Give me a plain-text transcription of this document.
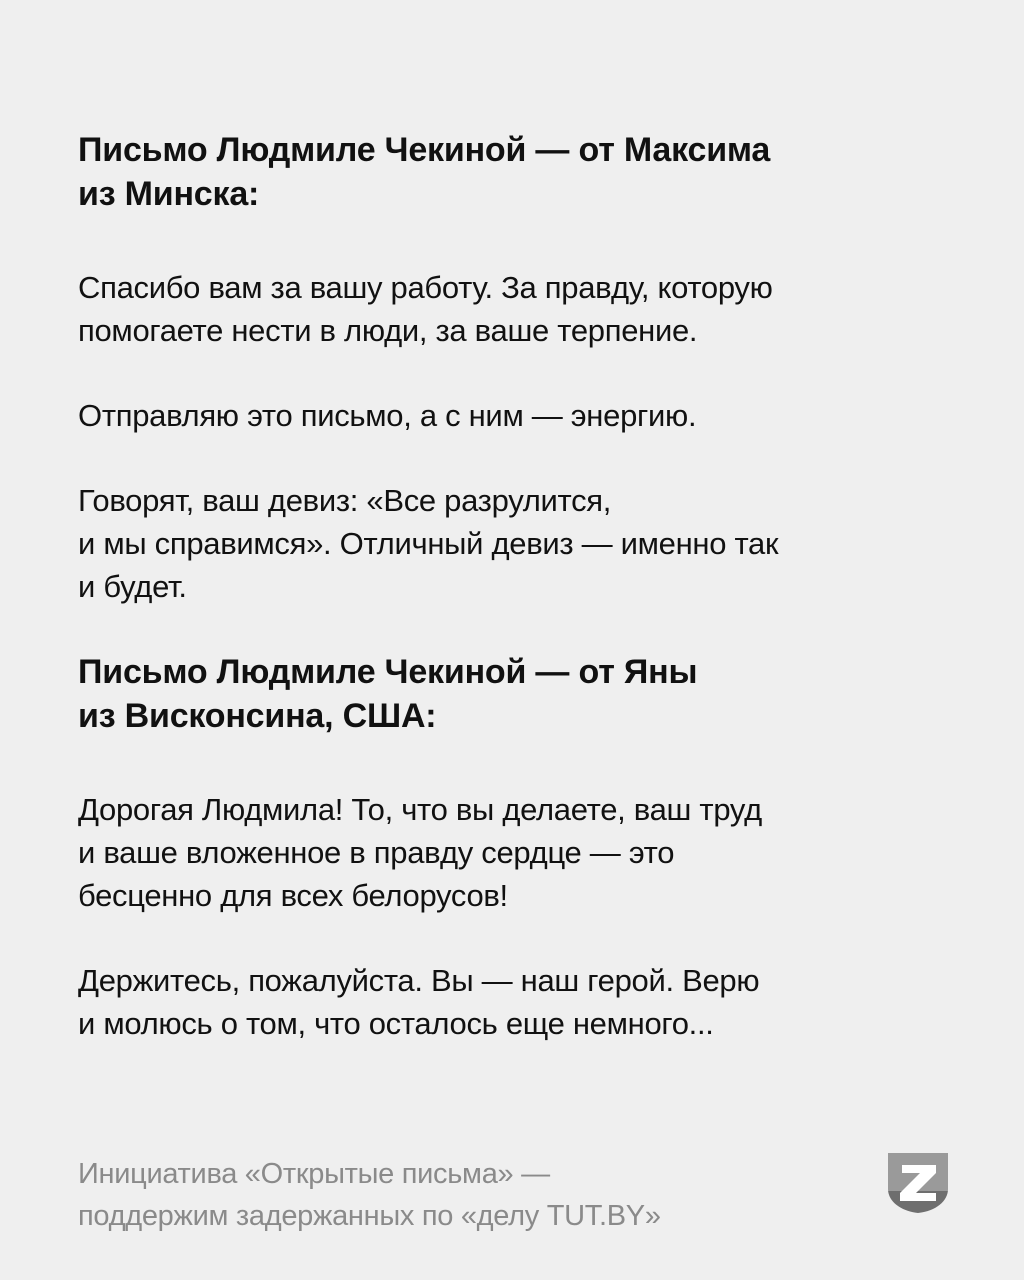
Письмо Людмиле Чекиной — от Максима
из Минска:

Спасибо вам за вашу работу. За правду, которую
помогаете нести в люди, за ваше терпение.

Отправляю это письмо, а с ним — энергию.

Говорят, ваш девиз: «Все разрулится,
и мы справимся». Отличный девиз — именно так
и будет.

Письмо Людмиле Чекиной — от Яны
из Висконсина, США:

Дорогая Людмила! То, что вы делаете, ваш труд
и ваше вложенное в правду сердце — это
бесценно для всех белорусов!

Держитесь, пожалуйста. Вы — наш герой. Верю
и молюсь о том, что осталось еще немного...

Инициатива «Открытые письма» —
поддержим задержанных по «делу TUT.BY»
